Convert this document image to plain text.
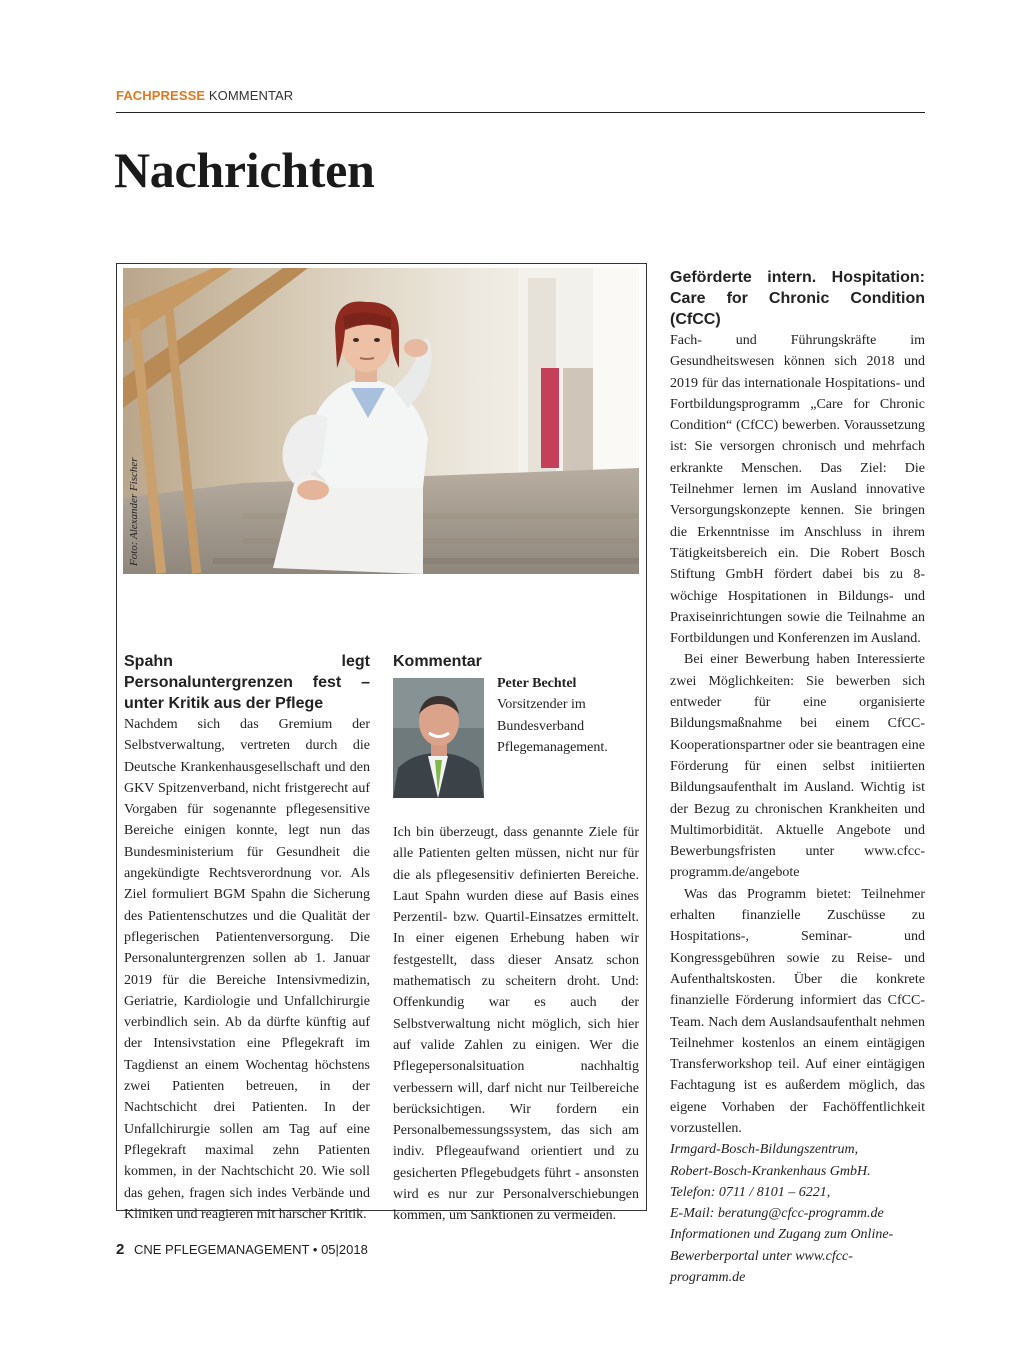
FACHPRESSE KOMMENTAR
Nachrichten
Foto: Alexander Fischer
Spahn legt Personaluntergrenzen fest – unter Kritik aus der Pflege

Nachdem sich das Gremium der Selbstverwaltung, vertreten durch die Deutsche Krankenhausgesellschaft und den GKV Spitzenverband, nicht fristgerecht auf Vorgaben für sogenannte pflegesensitive Bereiche einigen konnte, legt nun das Bundesministerium für Gesundheit die angekündigte Rechtsverordnung vor. Als Ziel formuliert BGM Spahn die Sicherung des Patientenschutzes und die Qualität der pflegerischen Patientenversorgung. Die Personaluntergrenzen sollen ab 1. Januar 2019 für die Bereiche Intensivmedizin, Geriatrie, Kardiologie und Unfallchirurgie verbindlich sein. Ab da dürfte künftig auf der Intensivstation eine Pflegekraft im Tagdienst an einem Wochentag höchstens zwei Patienten betreuen, in der Nachtschicht drei Patienten. In der Unfallchirurgie sollen am Tag auf eine Pflegekraft maximal zehn Patienten kommen, in der Nachtschicht 20. Wie soll das gehen, fragen sich indes Verbände und Kliniken und reagieren mit harscher Kritik.

Kommentar
Peter Bechtel
Vorsitzender im Bundesverband Pflegemanagement.

Ich bin überzeugt, dass genannte Ziele für alle Patienten gelten müssen, nicht nur für die als pflegesensitiv definierten Bereiche. Laut Spahn wurden diese auf Basis eines Perzentil- bzw. Quartil-Einsatzes ermittelt. In einer eigenen Erhebung haben wir festgestellt, dass dieser Ansatz schon mathematisch zu scheitern droht. Und: Offenkundig war es auch der Selbstverwaltung nicht möglich, sich hier auf valide Zahlen zu einigen. Wer die Pflegepersonalsituation nachhaltig verbessern will, darf nicht nur Teilbereiche berücksichtigen. Wir fordern ein Personalbemessungssystem, das sich am indiv. Pflegeaufwand orientiert und zu gesicherten Pflegebudgets führt - ansonsten wird es nur zur Personalverschiebungen kommen, um Sanktionen zu vermeiden.

Geförderte intern. Hospitation: Care for Chronic Condition (CfCC)

Fach- und Führungskräfte im Gesundheitswesen können sich 2018 und 2019 für das internationale Hospitations- und Fortbildungsprogramm „Care for Chronic Condition“ (CfCC) bewerben. Voraussetzung ist: Sie versorgen chronisch und mehrfach erkrankte Menschen. Das Ziel: Die Teilnehmer lernen im Ausland innovative Versorgungskonzepte kennen. Sie bringen die Erkenntnisse im Anschluss in ihrem Tätigkeitsbereich ein. Die Robert Bosch Stiftung GmbH fördert dabei bis zu 8-wöchige Hospitationen in Bildungs- und Praxiseinrichtungen sowie die Teilnahme an Fortbildungen und Konferenzen im Ausland.

Bei einer Bewerbung haben Interessierte zwei Möglichkeiten: Sie bewerben sich entweder für eine organisierte Bildungsmaßnahme bei einem CfCC-Kooperationspartner oder sie beantragen eine Förderung für einen selbst initiierten Bildungsaufenthalt im Ausland. Wichtig ist der Bezug zu chronischen Krankheiten und Multimorbidität. Aktuelle Angebote und Bewerbungsfristen unter www.cfcc-programm.de/angebote

Was das Programm bietet: Teilnehmer erhalten finanzielle Zuschüsse zu Hospitations-, Seminar- und Kongressgebühren sowie zu Reise- und Aufenthaltskosten. Über die konkrete finanzielle Förderung informiert das CfCC-Team. Nach dem Auslandsaufenthalt nehmen Teilnehmer kostenlos an einem eintägigen Transferworkshop teil. Auf einer eintägigen Fachtagung ist es außerdem möglich, das eigene Vorhaben der Fachöffentlichkeit vorzustellen.

Irmgard-Bosch-Bildungszentrum,
Robert-Bosch-Krankenhaus GmbH.
Telefon: 0711 / 8101 – 6221,
E-Mail: beratung@cfcc-programm.de
Informationen und Zugang zum Online-
Bewerberportal unter www.cfcc-programm.de
2 CNE PFLEGEMANAGEMENT • 05|2018
